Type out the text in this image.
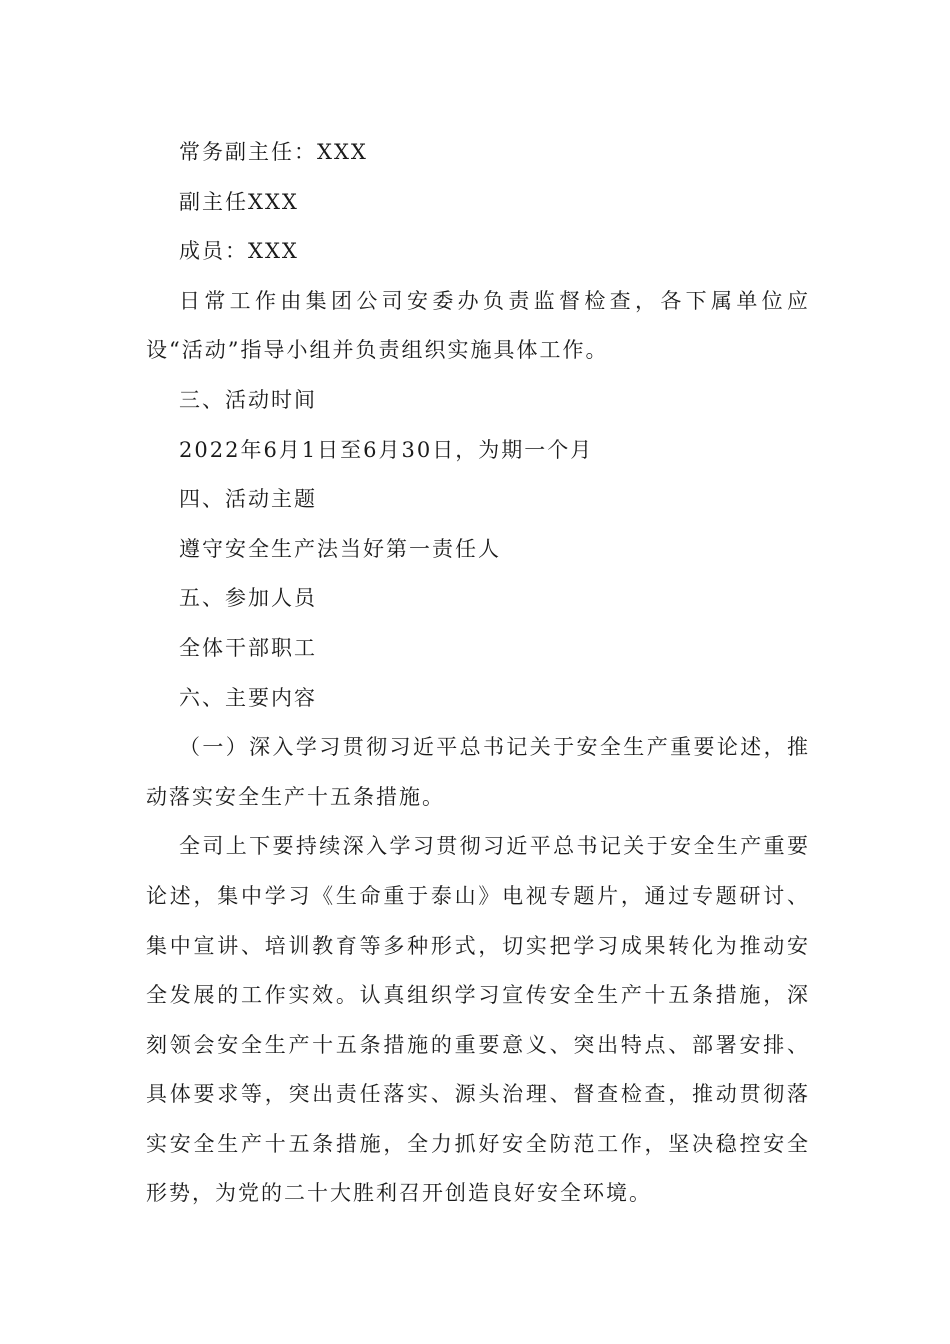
常务副主任：XXX

副主任XXX

成员：XXX

日常工作由集团公司安委办负责监督检查，各下属单位应设“活动”指导小组并负责组织实施具体工作。

三、活动时间

2022年6月1日至6月30日，为期一个月

四、活动主题

遵守安全生产法当好第一责任人

五、参加人员

全体干部职工

六、主要内容

（一）深入学习贯彻习近平总书记关于安全生产重要论述，推动落实安全生产十五条措施。

全司上下要持续深入学习贯彻习近平总书记关于安全生产重要论述，集中学习《生命重于泰山》电视专题片，通过专题研讨、集中宣讲、培训教育等多种形式，切实把学习成果转化为推动安全发展的工作实效。认真组织学习宣传安全生产十五条措施，深刻领会安全生产十五条措施的重要意义、突出特点、部署安排、具体要求等，突出责任落实、源头治理、督查检查，推动贯彻落实安全生产十五条措施，全力抓好安全防范工作，坚决稳控安全形势，为党的二十大胜利召开创造良好安全环境。
